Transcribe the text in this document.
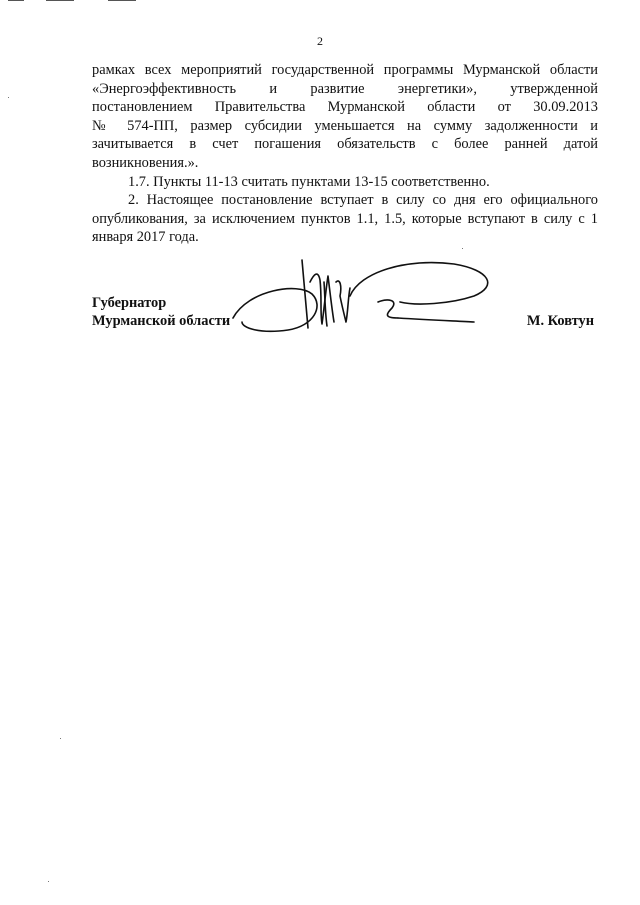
2

рамках всех мероприятий государственной программы Мурманской области
«Энергоэффективность и развитие энергетики», утвержденной
постановлением Правительства Мурманской области от 30.09.2013
№ 574-ПП, размер субсидии уменьшается на сумму задолженности и
зачитывается в счет погашения обязательств с более ранней датой
возникновения.».

1.7. Пункты 11-13 считать пунктами 13-15 соответственно.

2. Настоящее постановление вступает в силу со дня его официального опубликования, за исключением пунктов 1.1, 1.5, которые вступают в силу с 1 января 2017 года.

Губернатор
Мурманской области	М. Ковтун
